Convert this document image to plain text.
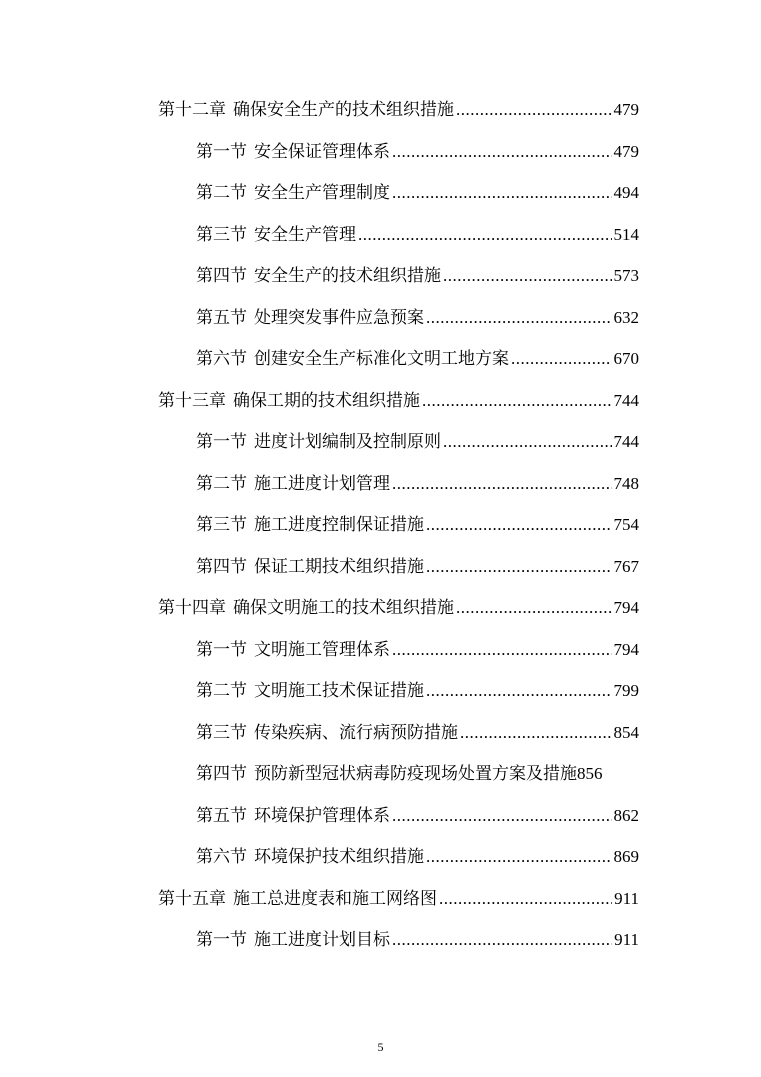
第十二章 确保安全生产的技术组织措施 .....	479
第一节 安全保证管理体系 .....	479
第二节 安全生产管理制度 .....	494
第三节 安全生产管理 .....	514
第四节 安全生产的技术组织措施 .....	573
第五节 处理突发事件应急预案 .....	632
第六节 创建安全生产标准化文明工地方案 .....	670
第十三章 确保工期的技术组织措施 .....	744
第一节 进度计划编制及控制原则 .....	744
第二节 施工进度计划管理 .....	748
第三节 施工进度控制保证措施 .....	754
第四节 保证工期技术组织措施 .....	767
第十四章 确保文明施工的技术组织措施 .....	794
第一节 文明施工管理体系 .....	794
第二节 文明施工技术保证措施 .....	799
第三节 传染疾病、流行病预防措施 .....	854
第四节 预防新型冠状病毒防疫现场处置方案及措施 856
第五节 环境保护管理体系 .....	862
第六节 环境保护技术组织措施 .....	869
第十五章 施工总进度表和施工网络图 .....	911
第一节 施工进度计划目标 .....	911
5
